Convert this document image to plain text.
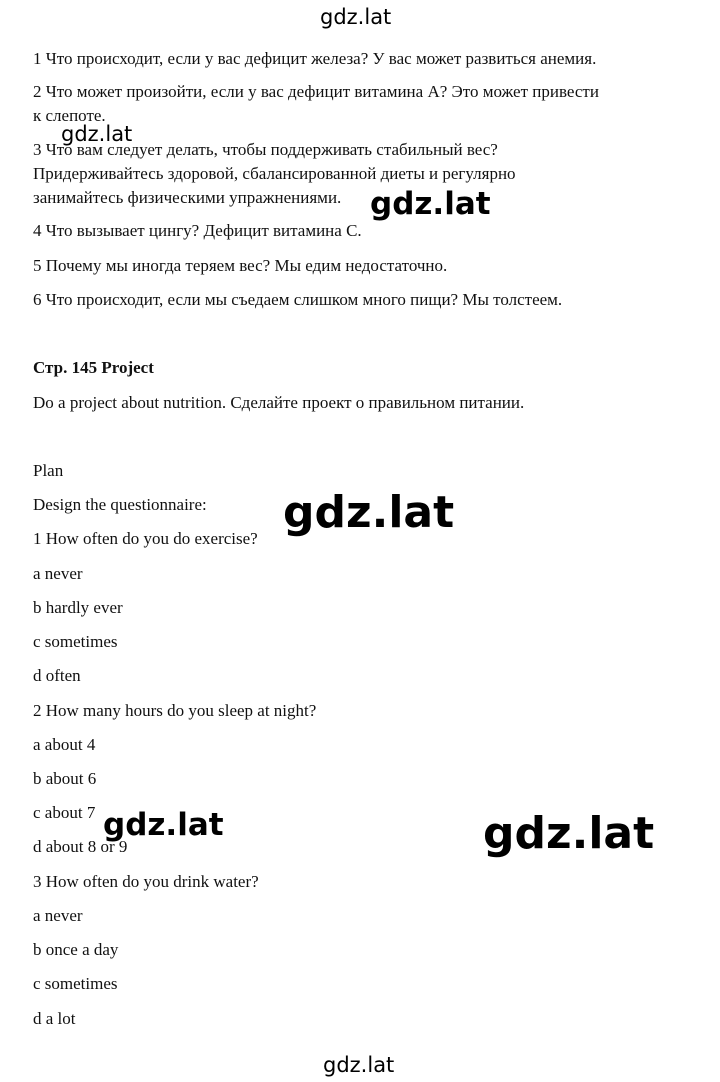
gdz.lat

1 Что происходит, если у вас дефицит железа? У вас может развиться анемия.

2 Что может произойти, если у вас дефицит витамина А? Это может привести

к слепоте.

gdz.lat

3 Что вам следует делать, чтобы поддерживать стабильный вес?

Придерживайтесь здоровой, сбалансированной диеты и регулярно

занимайтесь физическими упражнениями. gdz.lat

4 Что вызывает цингу? Дефицит витамина С.

5 Почему мы иногда теряем вес? Мы едим недостаточно.

6 Что происходит, если мы съедаем слишком много пищи? Мы толстеем.

Стр. 145 Project

Do a project about nutrition. Сделайте проект о правильном питании.

Plan

Design the questionnaire: gdz.lat

1 How often do you do exercise?

a never

b hardly ever

c sometimes

d often

2 How many hours do you sleep at night?

a about 4

b about 6

c about 7

d about 8 or 9

gdz.lat	gdz.lat

3 How often do you drink water?

a never

b once a day

c sometimes

d a lot

gdz.lat
